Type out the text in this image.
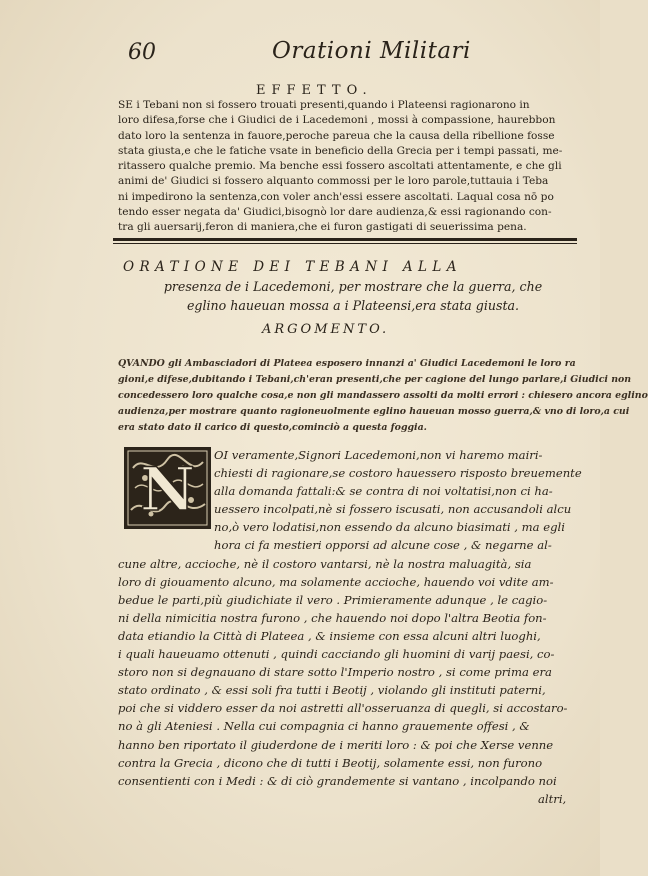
60	Orationi Militari
EFFETTO.
SE i Tebani non si fossero trouati presenti,quando i Plateensi ragionarono in
loro difesa,forse che i Giudici de i Lacedemoni , mossi à compassione, haurebbon
dato loro la sentenza in fauore,peroche pareua che la causa della ribellione fosse
stata giusta,e che le fatiche vsate in beneficio della Grecia per i tempi passati, me-
ritassero qualche premio. Ma benche essi fossero ascoltati attentamente, e che gli
animi de' Giudici si fossero alquanto commossi per le loro parole,tuttauia i Teba
ni impedirono la sentenza,con voler anch'essi essere ascoltati. Laqual cosa nō po
tendo esser negata da' Giudici,bisognò lor dare audienza,& essi ragionando con-
tra gli auersarij,feron di maniera,che ei furon gastigati di seuerissima pena.
ORATIONE DEI TEBANI ALLA
presenza de i Lacedemoni, per mostrare che la guerra, che
eglino haueuan mossa a i Plateensi,era stata giusta.
ARGOMENTO.
QVANDO gli Ambasciadori di Plateea esposero innanzi a' Giudici Lacedemoni le loro ra
gioni,e difese,dubitando i Tebani,ch'eran presenti,che per cagione del lungo parlare,i Giudici non
concedessero loro qualche cosa,e non gli mandassero assolti da molti errori : chiesero ancora eglino
audienza,per mostrare quanto ragioneuolmente eglino haueuan mosso guerra,& vno di loro,a cui
era stato dato il carico di questo,cominciò a questa foggia.
N	OI veramente,Signori Lacedemoni,non vi haremo mairi-
chiesti di ragionare,se costoro hauessero risposto breuemente
alla domanda fattali:& se contra di noi voltatisi,non ci ha-
uessero incolpati,nè si fossero iscusati, non accusandoli alcu
no,ò vero lodatisi,non essendo da alcuno biasimati , ma egli
hora ci fa mestieri opporsi ad alcune cose , & negarne al-
cune altre, accioche, nè il costoro vantarsi, nè la nostra maluagità, sia
loro di giouamento alcuno, ma solamente accioche, hauendo voi vdite am-
bedue le parti,più giudichiate il vero . Primieramente adunque , le cagio-
ni della nimicitia nostra furono , che hauendo noi dopo l'altra Beotia fon-
data etiandio la Città di Plateea , & insieme con essa alcuni altri luoghi,
i quali haueuamo ottenuti , quindi cacciando gli huomini di varij paesi, co-
storo non si degnauano di stare sotto l'Imperio nostro , si come prima era
stato ordinato , & essi soli fra tutti i Beotij , violando gli instituti paterni,
poi che si viddero esser da noi astretti all'osseruanza di quegli, si accostaro-
no à gli Ateniesi . Nella cui compagnia ci hanno grauemente offesi , &
hanno ben riportato il giuderdone de i meriti loro : & poi che Xerse venne
contra la Grecia , dicono che di tutti i Beotij, solamente essi, non furono
consentienti con i Medi : & di ciò grandemente si vantano , incolpando noi
altri,
